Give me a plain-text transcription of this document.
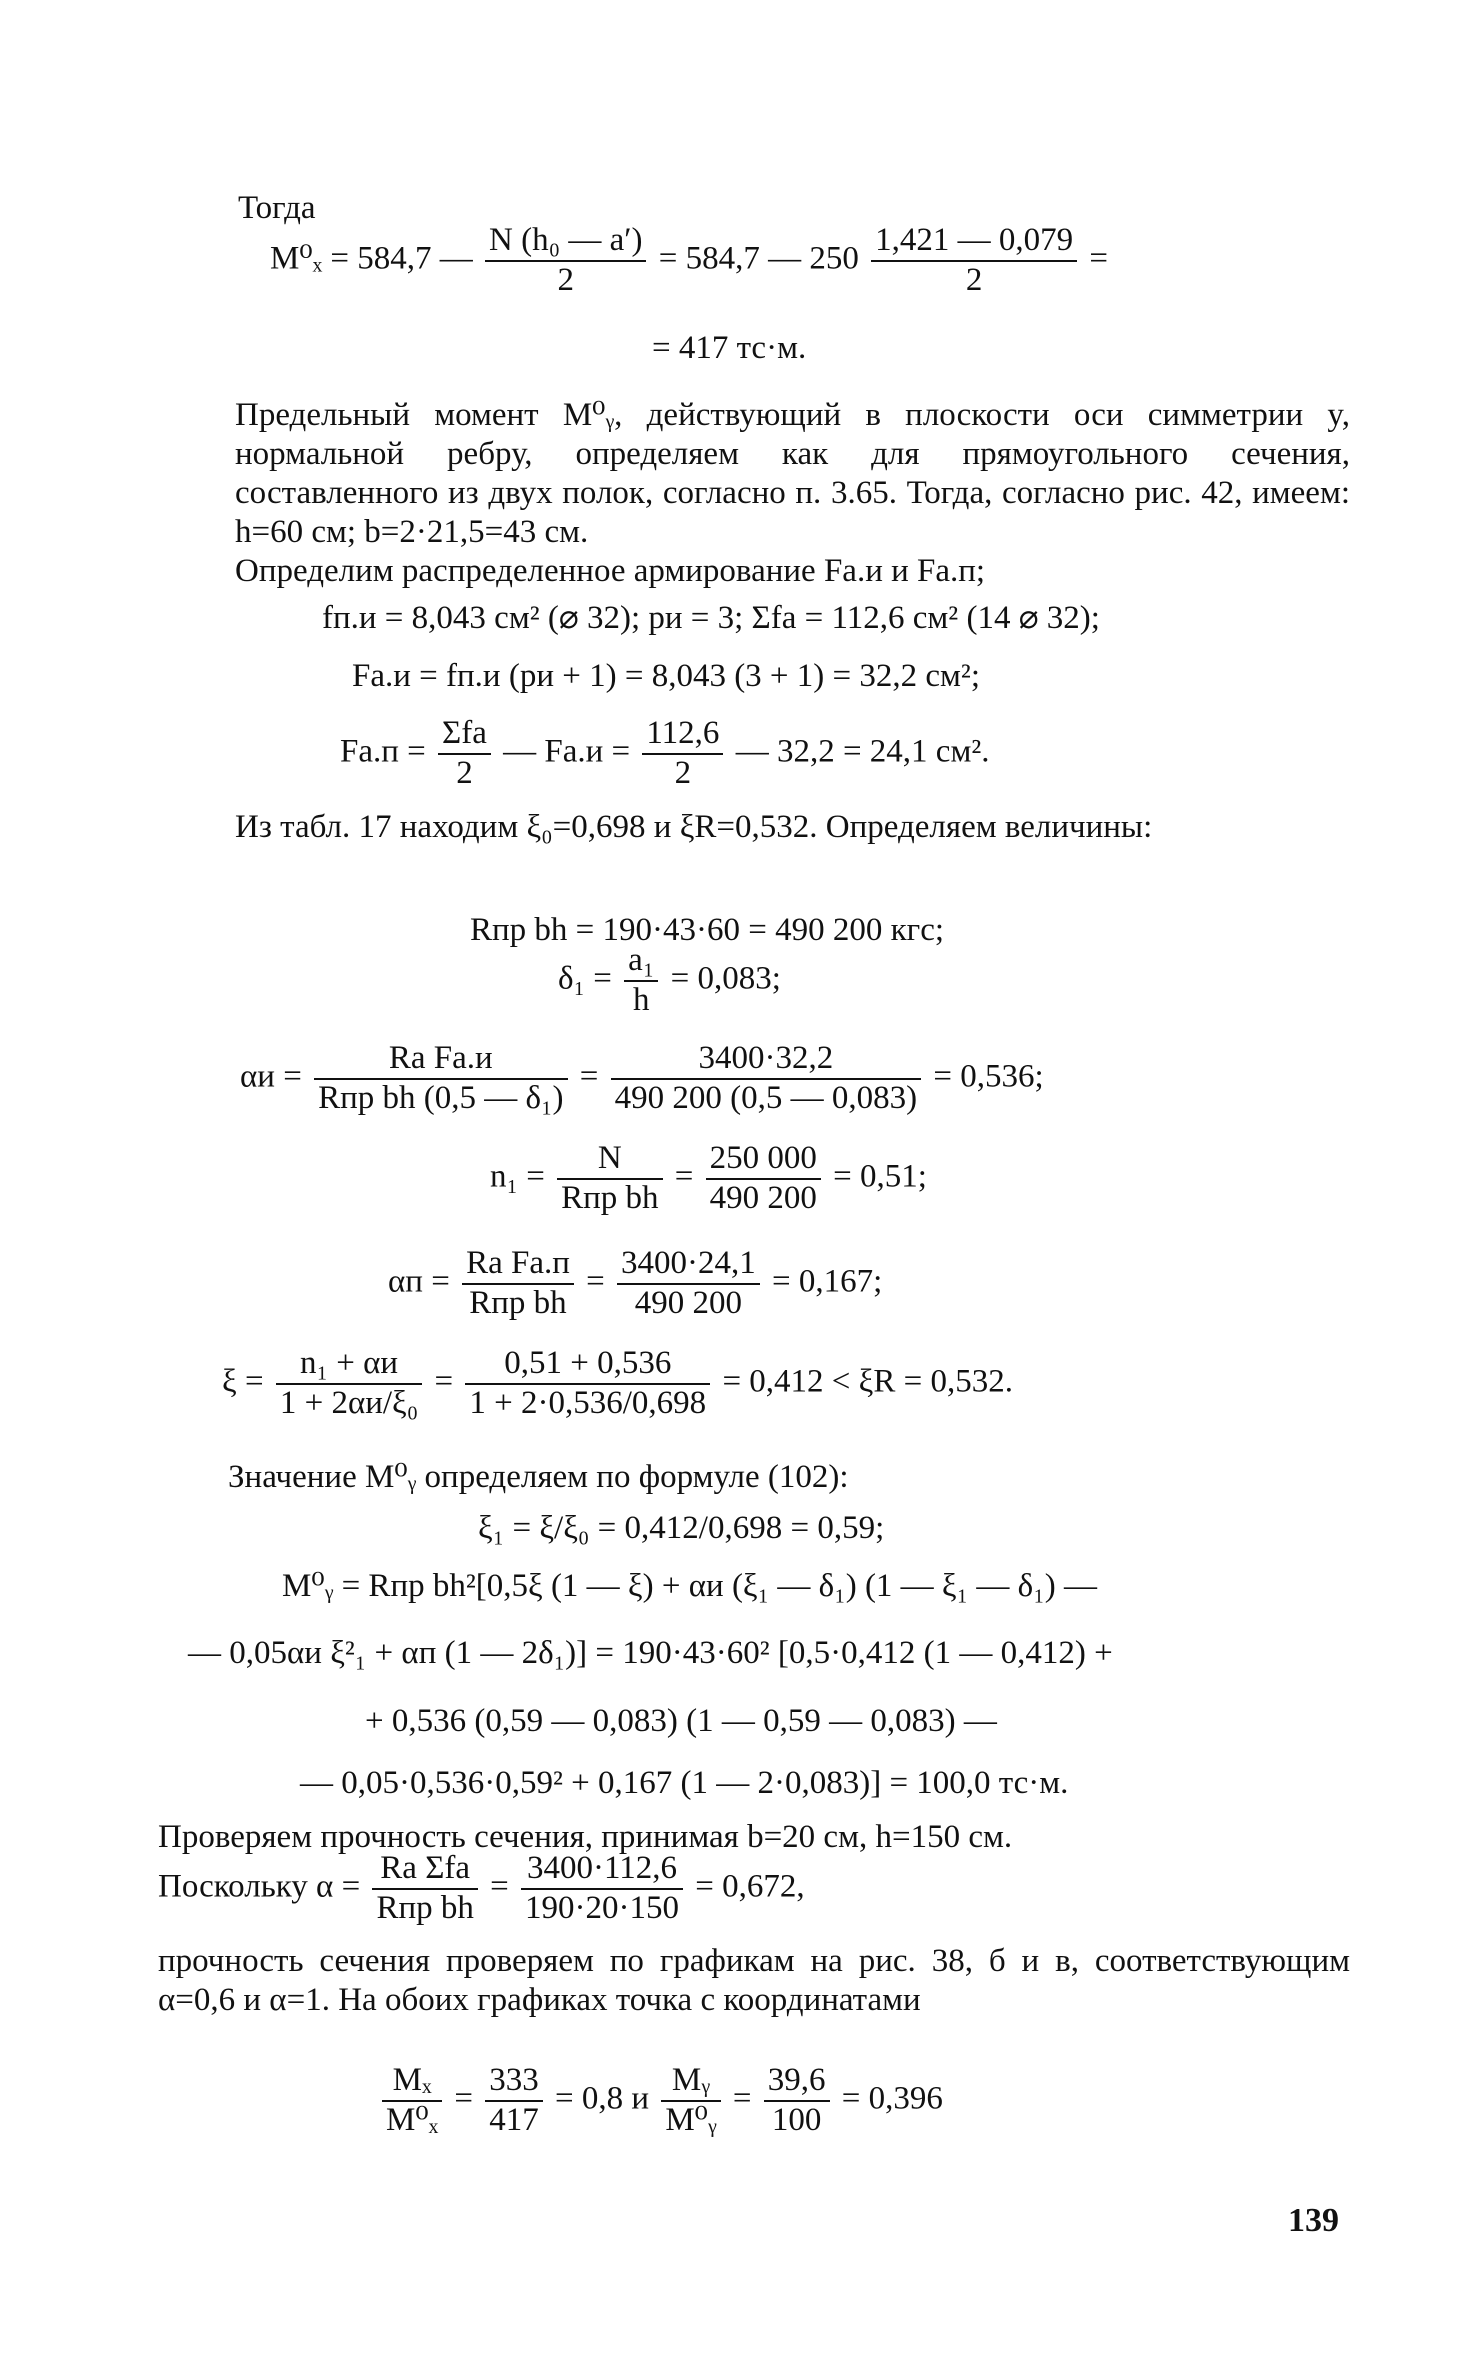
Тогда
M⁰ₓ = 584,7 — $\frac{\text{N (h₀ — a′)}}{2} = 584,7$ — $250 \frac{1,421 — 0,079}{2}$ =
= 417 тс·м.
Предельный момент M⁰ᵧ, действующий в плоскости оси симметрии y, нормальной ребру, определяем как для прямоугольного сечения, составленного из двух полок, согласно п. 3.65. Тогда, согласно рис. 42, имеем: h=60 см; b=2·21,5=43 см.
Определим распределенное армирование Fа.и и Fа.п;
fп.и = 8,043 см² (⌀ 32); pи = 3; Σfа = 112,6 см² (14 ⌀ 32);
Fа.и = fп.и (pи + 1) = 8,043 (3 + 1) = 32,2 см²;
$Fа.п = \frac{\text{Σfа}}{2}$ — $Fа.и = \frac{112,6}{2}$ — 32,2 = 24,1 см².
Из табл. 17 находим ξ₀=0,698 и ξR=0,532. Определяем величины:
Rпр bh = 190·43·60 = 490 200 кгс;
$\delta_1 = \frac{\text{a₁}}{h} = 0,083$;
$\alpha и = \frac{\text{Rа Fа.и}}{\text{Rпр bh (0,5 — δ₁)}} = \frac{3400\cdot 32,2}{490 200 (0,5 — 0,083)} = 0,536$;
$n_1 = \frac{N}{\text{Rпр bh}} = \frac{250 000}{490 200} = 0,51$;
$\alpha п = \frac{\text{Rа Fа.п}}{\text{Rпр bh}} = \frac{3400\cdot 24,1}{490 200} = 0,167$;
$\xi = \frac{\text{n₁ + αи}}{\text{1 + 2αи/ξ₀}} = \frac{0,51 + 0,536}{1 + 2\cdot 0,536/0,698} = 0,412 < \xi R = 0,532$.
Значение M⁰ᵧ определяем по формуле (102):
ξ₁ = ξ/ξ₀ = 0,412/0,698 = 0,59;
M⁰ᵧ = Rпр bh²[0,5ξ (1 — ξ) + αи (ξ₁ — δ₁) (1 — ξ₁ — δ₁) —
— 0,05αи ξ²₁ + αп (1 — 2δ₁)] = 190·43·60² [0,5·0,412 (1 — 0,412) +
+ 0,536 (0,59 — 0,083) (1 — 0,59 — 0,083) —
— 0,05·0,536·0,59² + 0,167 (1 — 2·0,083)] = 100,0 тс·м.
Проверяем прочность сечения, принимая b=20 см, h=150 см.
Поскольку $\alpha = \frac{\text{Rа Σfа}}{\text{Rпр bh}} = \frac{3400\cdot 112,6}{190\cdot 20\cdot 150} = 0,672$,
прочность сечения проверяем по графикам на рис. 38, б и в, соответствующим α=0,6 и α=1. На обоих графиках точка с координатами
$\frac{\text{Mₓ}}{\text{M⁰ₓ}} = \frac{333}{417} = 0,8$ и $\frac{\text{Mᵧ}}{\text{M⁰ᵧ}} = \frac{39,6}{100} = 0,396$
139
